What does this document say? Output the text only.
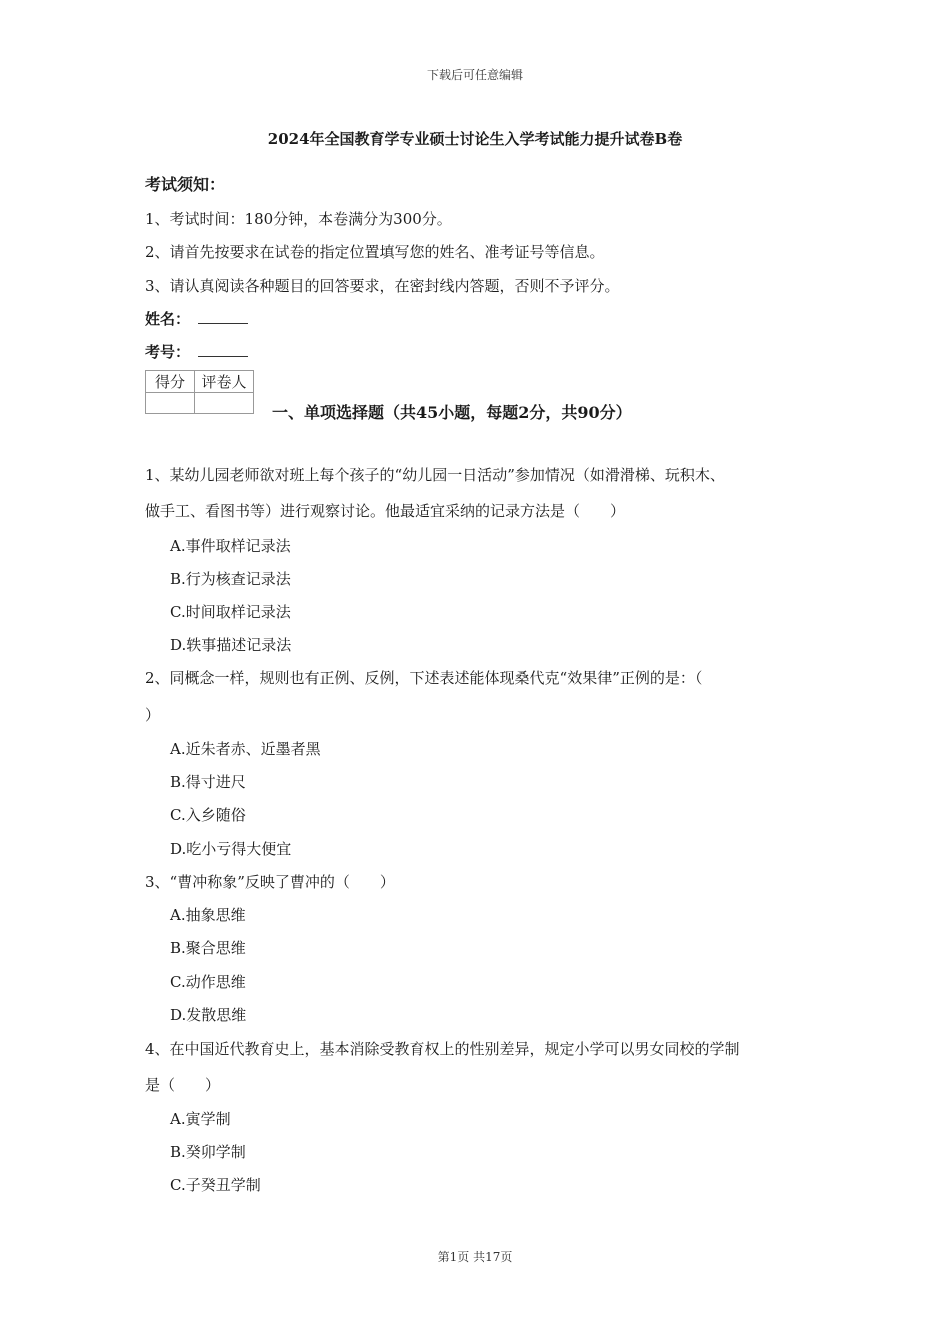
下载后可任意编辑
2024年全国教育学专业硕士讨论生入学考试能力提升试卷B卷
考试须知：
1、考试时间：180分钟，本卷满分为300分。
2、请首先按要求在试卷的指定位置填写您的姓名、准考证号等信息。
3、请认真阅读各种题目的回答要求，在密封线内答题，否则不予评分。
姓名：
考号：
得分	评卷人

一、单项选择题（共45小题，每题2分，共90分）
1、某幼儿园老师欲对班上每个孩子的“幼儿园一日活动”参加情况（如滑滑梯、玩积木、
做手工、看图书等）进行观察讨论。他最适宜采纳的记录方法是（　　）
A.事件取样记录法
B.行为核查记录法
C.时间取样记录法
D.轶事描述记录法
2、同概念一样，规则也有正例、反例，下述表述能体现桑代克“效果律”正例的是：（
）
A.近朱者赤、近墨者黑
B.得寸进尺
C.入乡随俗
D.吃小亏得大便宜
3、“曹冲称象”反映了曹冲的（　　）
A.抽象思维
B.聚合思维
C.动作思维
D.发散思维
4、在中国近代教育史上，基本消除受教育权上的性别差异，规定小学可以男女同校的学制
是（　　）
A.寅学制
B.癸卯学制
C.子癸丑学制
第1页 共17页
